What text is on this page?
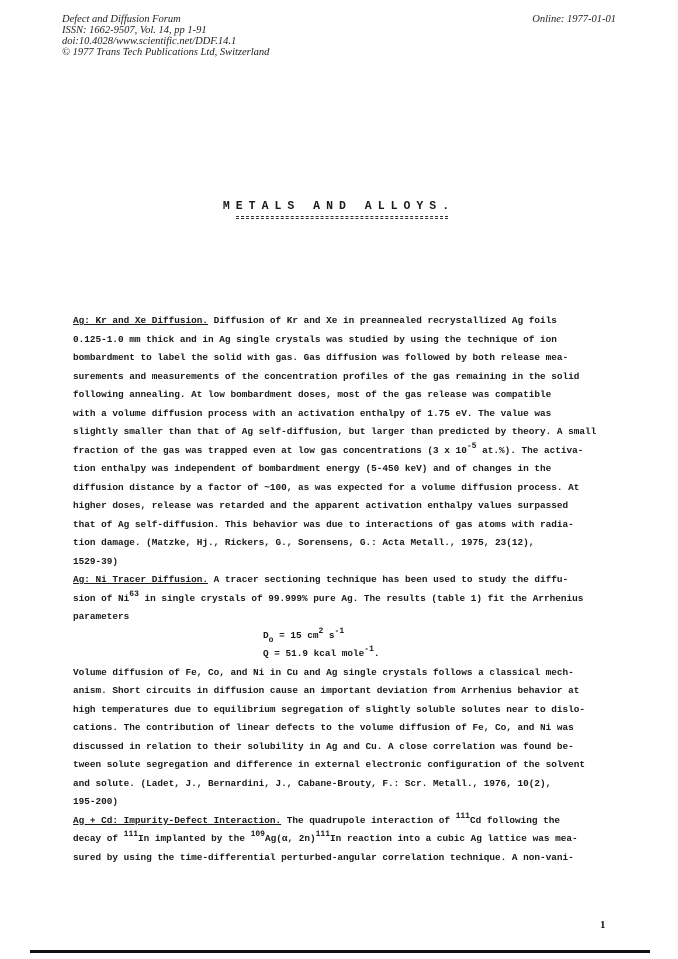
Defect and Diffusion Forum
ISSN: 1662-9507, Vol. 14, pp 1-91
doi:10.4028/www.scientific.net/DDF.14.1
© 1977 Trans Tech Publications Ltd, Switzerland
Online: 1977-01-01
METALS AND ALLOYS.
Ag: Kr and Xe Diffusion. Diffusion of Kr and Xe in preannealed recrystallized Ag foils
0.125-1.0 mm thick and in Ag single crystals was studied by using the technique of ion
bombardment to label the solid with gas. Gas diffusion was followed by both release mea-
surements and measurements of the concentration profiles of the gas remaining in the solid
following annealing. At low bombardment doses, most of the gas release was compatible
with a volume diffusion process with an activation enthalpy of 1.75 eV. The value was
slightly smaller than that of Ag self-diffusion, but larger than predicted by theory. A small
fraction of the gas was trapped even at low gas concentrations (3 x $10^{-5}$ at.%). The activa-
tion enthalpy was independent of bombardment energy (5-450 keV) and of changes in the
diffusion distance by a factor of ~100, as was expected for a volume diffusion process. At
higher doses, release was retarded and the apparent activation enthalpy values surpassed
that of Ag self-diffusion. This behavior was due to interactions of gas atoms with radia-
tion damage. (Matzke, Hj., Rickers, G., Sorensens, G.: Acta Metall., 1975, 23(12),
1529-39)
Ag: Ni Tracer Diffusion. A tracer sectioning technique has been used to study the diffu-
sion of Ni$^{63}$ in single crystals of 99.999% pure Ag. The results (table 1) fit the Arrhenius
parameters
$D_o = 15$ $cm^2$ $s^{-1}$
Q = 51.9 kcal mole$^{-1}$.
Volume diffusion of Fe, Co, and Ni in Cu and Ag single crystals follows a classical mech-
anism. Short circuits in diffusion cause an important deviation from Arrhenius behavior at
high temperatures due to equilibrium segregation of slightly soluble solutes near to dislo-
cations. The contribution of linear defects to the volume diffusion of Fe, Co, and Ni was
discussed in relation to their solubility in Ag and Cu. A close correlation was found be-
tween solute segregation and difference in external electronic configuration of the solvent
and solute. (Ladet, J., Bernardini, J., Cabane-Brouty, F.: Scr. Metall., 1976, 10(2),
195-200)
Ag + Cd: Impurity-Defect Interaction. The quadrupole interaction of $^{111}$Cd following the
decay of $^{111}$In implanted by the $^{109}$Ag(α, 2n)$^{111}$In reaction into a cubic Ag lattice was mea-
sured by using the time-differential perturbed-angular correlation technique. A non-vani-
1
